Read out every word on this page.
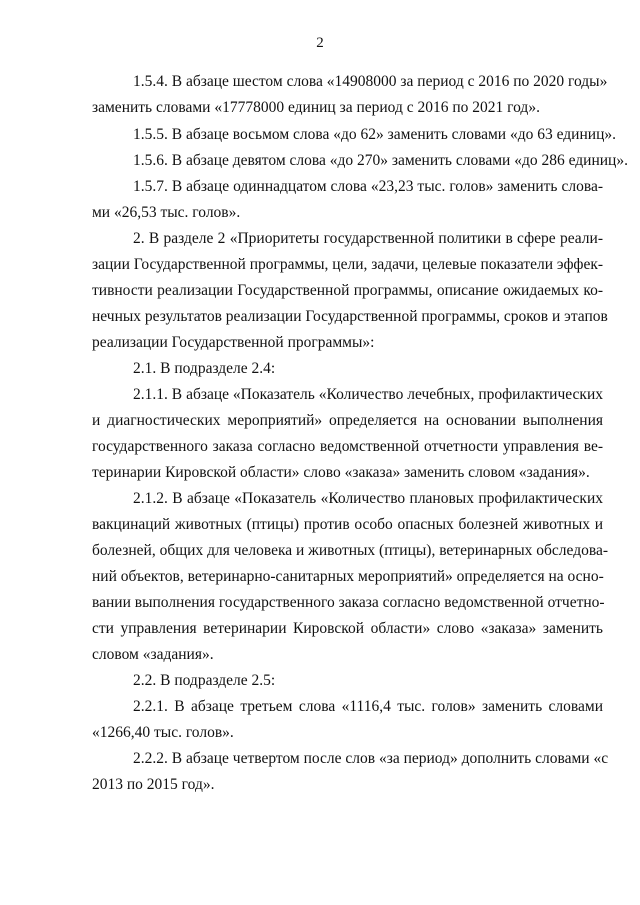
2
1.5.4. В абзаце шестом слова «14908000 за период с 2016 по 2020 годы»
заменить словами «17778000 единиц за период с 2016 по 2021 год».
1.5.5. В абзаце восьмом слова «до 62» заменить словами «до 63 единиц».
1.5.6. В абзаце девятом слова «до 270» заменить словами «до 286 единиц».
1.5.7. В абзаце одиннадцатом слова «23,23 тыс. голов» заменить слова-
ми «26,53 тыс. голов».
2. В разделе 2 «Приоритеты государственной политики в сфере реали-
зации Государственной программы, цели, задачи, целевые показатели эффек-
тивности реализации Государственной программы, описание ожидаемых ко-
нечных результатов реализации Государственной программы, сроков и этапов
реализации Государственной программы»:
2.1. В подразделе 2.4:
2.1.1. В абзаце «Показатель «Количество лечебных, профилактических
и диагностических мероприятий» определяется на основании выполнения
государственного заказа согласно ведомственной отчетности управления ве-
теринарии Кировской области» слово «заказа» заменить словом «задания».
2.1.2. В абзаце «Показатель «Количество плановых профилактических
вакцинаций животных (птицы) против особо опасных болезней животных и
болезней, общих для человека и животных (птицы), ветеринарных обследова-
ний объектов, ветеринарно-санитарных мероприятий» определяется на осно-
вании выполнения государственного заказа согласно ведомственной отчетно-
сти управления ветеринарии Кировской области» слово «заказа» заменить
словом «задания».
2.2. В подразделе 2.5:
2.2.1. В абзаце третьем слова «1116,4 тыс. голов» заменить словами
«1266,40 тыс. голов».
2.2.2. В абзаце четвертом после слов «за период» дополнить словами «с
2013 по 2015 год».
